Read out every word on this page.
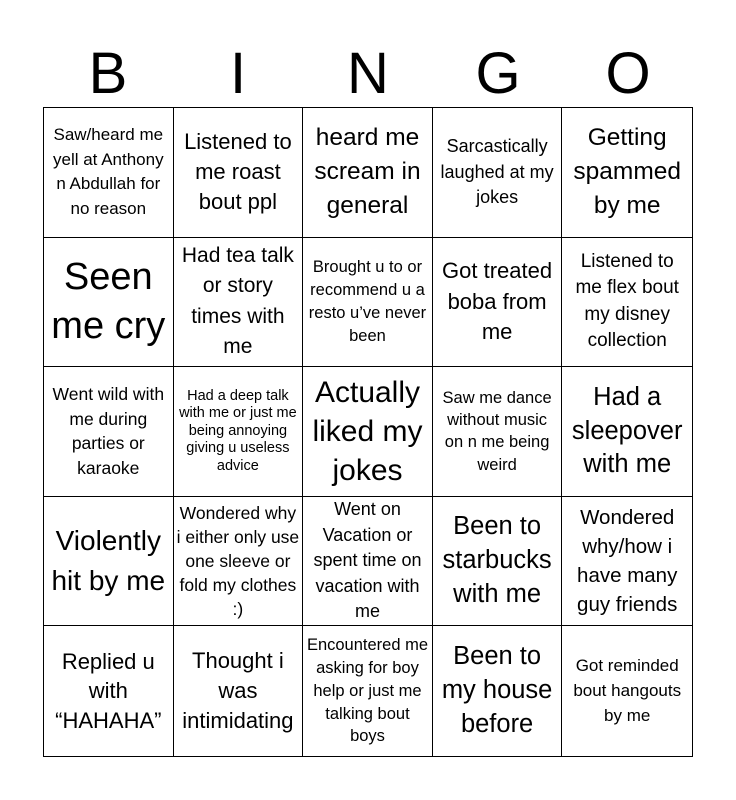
B	I	N	G	O
Saw/heard me yell at Anthony n Abdullah for no reason
Listened to me roast bout ppl
heard me scream in general
Sarcastically laughed at my jokes
Getting spammed by me
Seen me cry
Had tea talk or story times with me
Brought u to or recommend u a resto u’ve never been
Got treated boba from me
Listened to me flex bout my disney collection
Went wild with me during parties or karaoke
Had a deep talk with me or just me being annoying giving u useless advice
Actually liked my jokes
Saw me dance without music on n me being weird
Had a sleepover with me
Violently hit by me
Wondered why i either only use one sleeve or fold my clothes :)
Went on Vacation or spent time on vacation with me
Been to starbucks with me
Wondered why/how i have many guy friends
Replied u with “HAHAHA”
Thought i was intimidating
Encountered me asking for boy help or just me talking bout boys
Been to my house before
Got reminded bout hangouts by me
